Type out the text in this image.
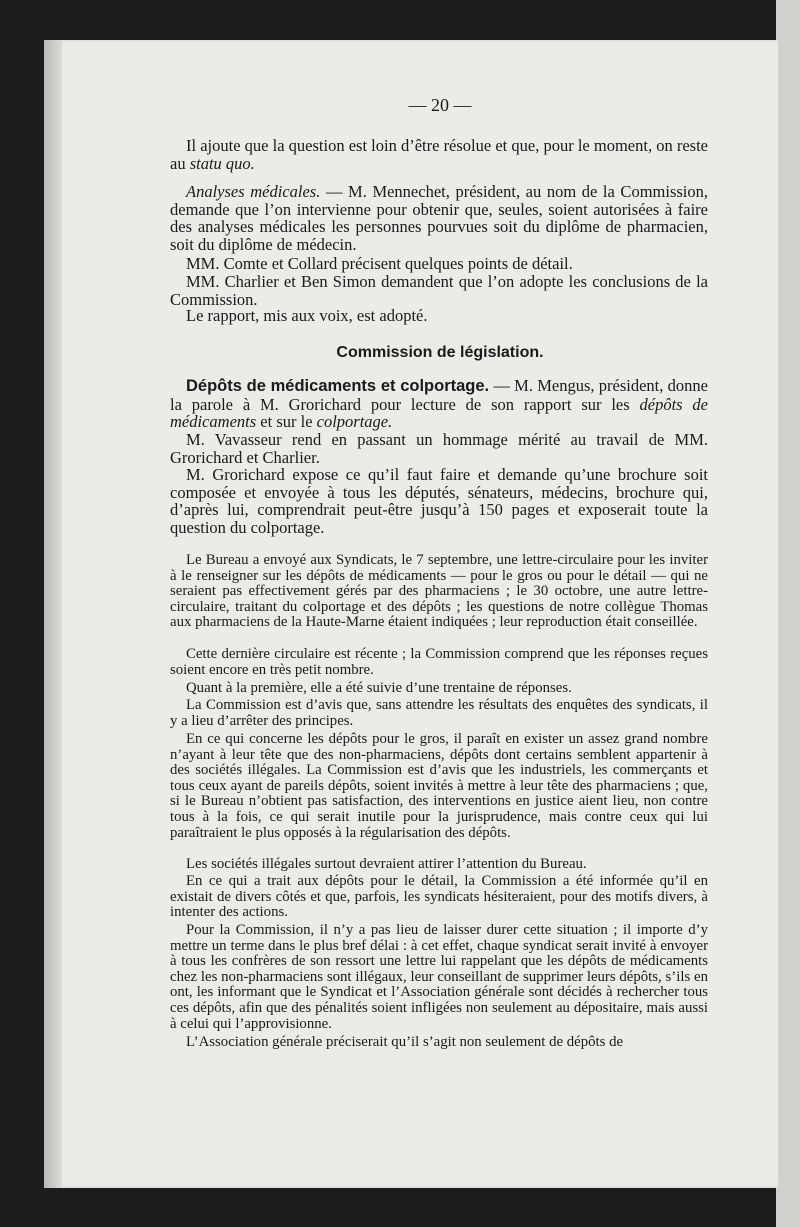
— 20 —

Il ajoute que la question est loin d’être résolue et que, pour le moment, on reste au statu quo.

Analyses médicales. — M. Mennechet, président, au nom de la Commission, demande que l’on intervienne pour obtenir que, seules, soient autorisées à faire des analyses médicales les personnes pourvues soit du diplôme de pharmacien, soit du diplôme de médecin.

MM. Comte et Collard précisent quelques points de détail.

MM. Charlier et Ben Simon demandent que l’on adopte les conclusions de la Commission.

Le rapport, mis aux voix, est adopté.

Commission de législation.

Dépôts de médicaments et colportage. — M. Mengus, président, donne la parole à M. Grorichard pour lecture de son rapport sur les dépôts de médicaments et sur le colportage.

M. Vavasseur rend en passant un hommage mérité au travail de MM. Grorichard et Charlier.

M. Grorichard expose ce qu’il faut faire et demande qu’une brochure soit composée et envoyée à tous les députés, sénateurs, médecins, brochure qui, d’après lui, comprendrait peut-être jusqu’à 150 pages et exposerait toute la question du colportage.

Le Bureau a envoyé aux Syndicats, le 7 septembre, une lettre-circulaire pour les inviter à le renseigner sur les dépôts de médicaments — pour le gros ou pour le détail — qui ne seraient pas effectivement gérés par des pharmaciens ; le 30 octobre, une autre lettre-circulaire, traitant du colportage et des dépôts ; les questions de notre collègue Thomas aux pharmaciens de la Haute-Marne étaient indiquées ; leur reproduction était conseillée.

Cette dernière circulaire est récente ; la Commission comprend que les réponses reçues soient encore en très petit nombre.

Quant à la première, elle a été suivie d’une trentaine de réponses.

La Commission est d’avis que, sans attendre les résultats des enquêtes des syndicats, il y a lieu d’arrêter des principes.

En ce qui concerne les dépôts pour le gros, il paraît en exister un assez grand nombre n’ayant à leur tête que des non-pharmaciens, dépôts dont certains semblent appartenir à des sociétés illégales. La Commission est d’avis que les industriels, les commerçants et tous ceux ayant de pareils dépôts, soient invités à mettre à leur tête des pharmaciens ; que, si le Bureau n’obtient pas satisfaction, des interventions en justice aient lieu, non contre tous à la fois, ce qui serait inutile pour la jurisprudence, mais contre ceux qui lui paraîtraient le plus opposés à la régularisation des dépôts.

Les sociétés illégales surtout devraient attirer l’attention du Bureau.

En ce qui a trait aux dépôts pour le détail, la Commission a été informée qu’il en existait de divers côtés et que, parfois, les syndicats hésiteraient, pour des motifs divers, à intenter des actions.

Pour la Commission, il n’y a pas lieu de laisser durer cette situation ; il importe d’y mettre un terme dans le plus bref délai : à cet effet, chaque syndicat serait invité à envoyer à tous les confrères de son ressort une lettre lui rappelant que les dépôts de médicaments chez les non-pharmaciens sont illégaux, leur conseillant de supprimer leurs dépôts, s’ils en ont, les informant que le Syndicat et l’Association générale sont décidés à rechercher tous ces dépôts, afin que des pénalités soient infligées non seulement au dépositaire, mais aussi à celui qui l’approvisionne.

L’Association générale préciserait qu’il s’agit non seulement de dépôts de
